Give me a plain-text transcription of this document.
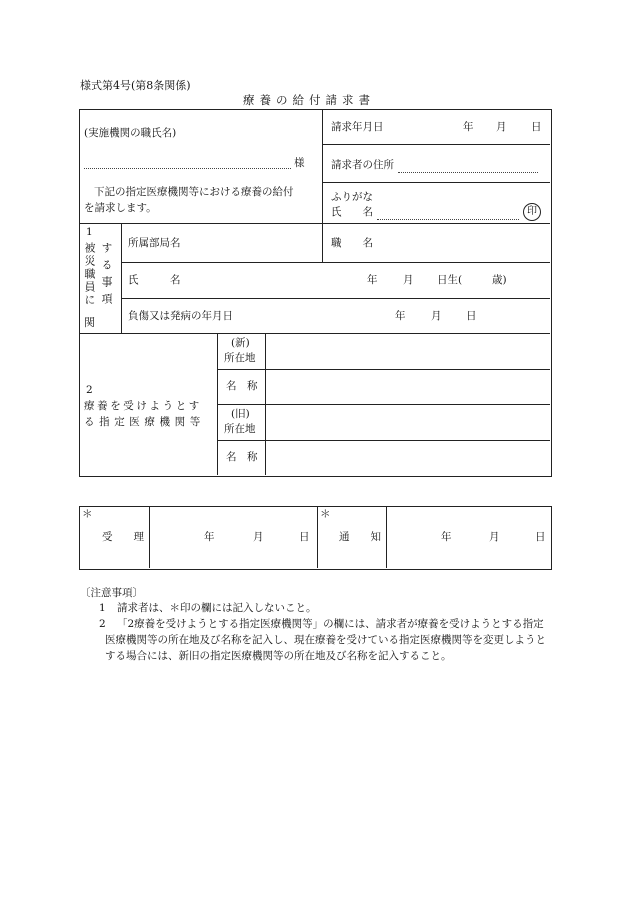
様式第4号(第8条関係)
療養の給付請求書
(実施機関の職氏名)
様
下記の指定医療機関等における療養の給付
を請求します。
請求年月日	年 月 日
請求者の住所
ふりがな
氏　　名	印
1
被災職員に する事項
関
所属部局名	職　　名
氏　　　名	年 月 日生(	歳)
負傷又は発病の年月日	年 月 日
2
療養を受けようとす
る指定医療機関等
(新)
所在地
名　称
(旧)
所在地
名　称
＊
受　　理	年	月	日
＊
通　　知	年	月	日
〔注意事項〕
1 請求者は、＊印の欄には記入しないこと。
2	「2療養を受けようとする指定医療機関等」の欄には、請求者が療養を受けようとする指定医療機関等の所在地及び名称を記入し、現在療養を受けている指定医療機関等を変更しようとする場合には、新旧の指定医療機関等の所在地及び名称を記入すること。
